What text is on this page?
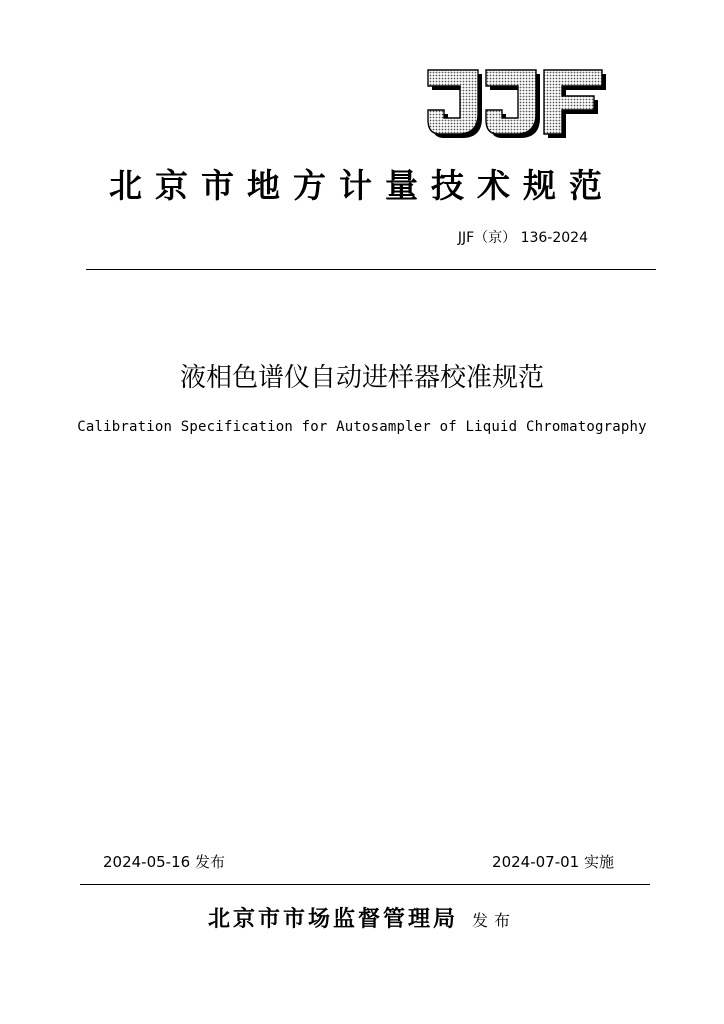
北京市地方计量技术规范
JJF（京） 136-2024
液相色谱仪自动进样器校准规范
Calibration Specification for Autosampler of Liquid Chromatography
2024-05-16 发布	2024-07-01 实施
北京市市场监督管理局 发布
